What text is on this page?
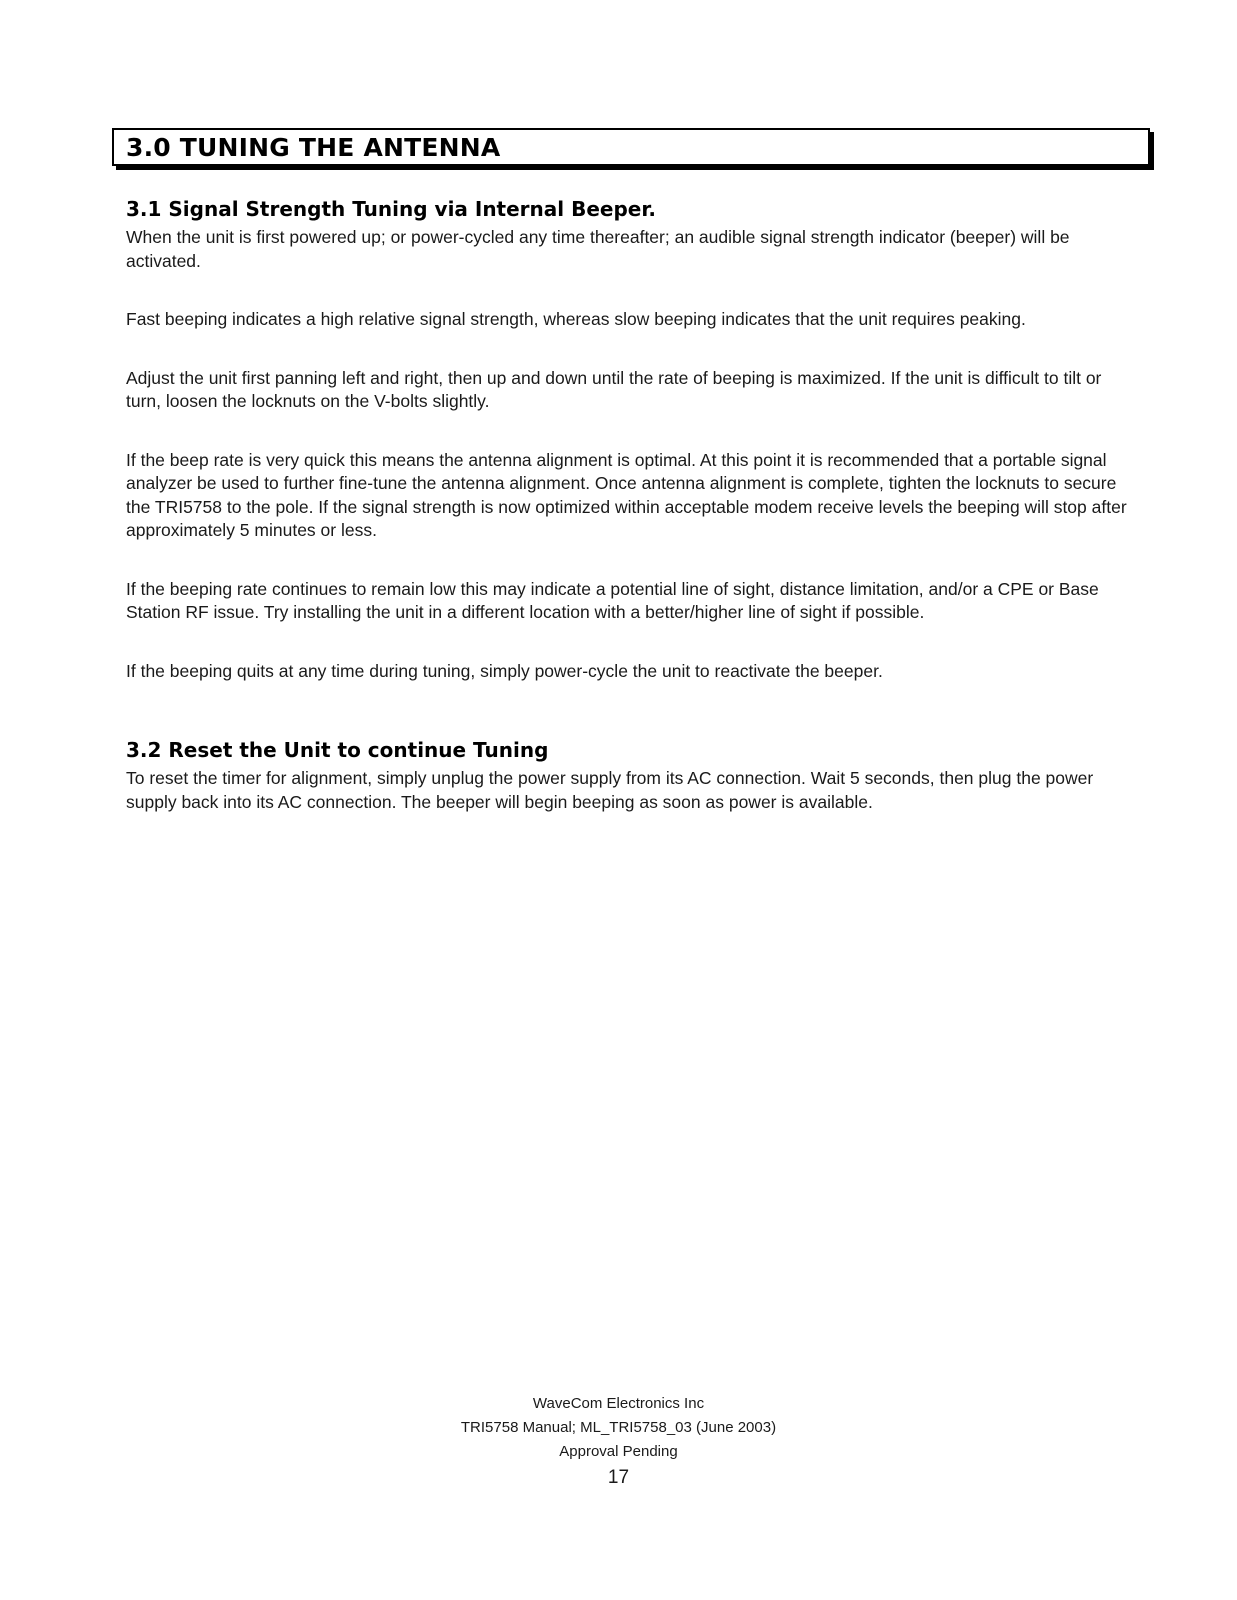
3.0 TUNING THE ANTENNA
3.1 Signal Strength Tuning via Internal Beeper.

When the unit is first powered up; or power-cycled any time thereafter; an audible signal strength indicator (beeper) will be activated.

Fast beeping indicates a high relative signal strength, whereas slow beeping indicates that the unit requires peaking.

Adjust the unit first panning left and right, then up and down until the rate of beeping is maximized. If the unit is difficult to tilt or turn, loosen the locknuts on the V-bolts slightly.

If the beep rate is very quick this means the antenna alignment is optimal. At this point it is recommended that a portable signal analyzer be used to further fine-tune the antenna alignment. Once antenna alignment is complete, tighten the locknuts to secure the TRI5758 to the pole. If the signal strength is now optimized within acceptable modem receive levels the beeping will stop after approximately 5 minutes or less.

If the beeping rate continues to remain low this may indicate a potential line of sight, distance limitation, and/or a CPE or Base Station RF issue. Try installing the unit in a different location with a better/higher line of sight if possible.

If the beeping quits at any time during tuning, simply power-cycle the unit to reactivate the beeper.

3.2 Reset the Unit to continue Tuning

To reset the timer for alignment, simply unplug the power supply from its AC connection. Wait 5 seconds, then plug the power supply back into its AC connection. The beeper will begin beeping as soon as power is available.

WaveCom Electronics Inc
TRI5758 Manual; ML_TRI5758_03 (June 2003)
Approval Pending
17
